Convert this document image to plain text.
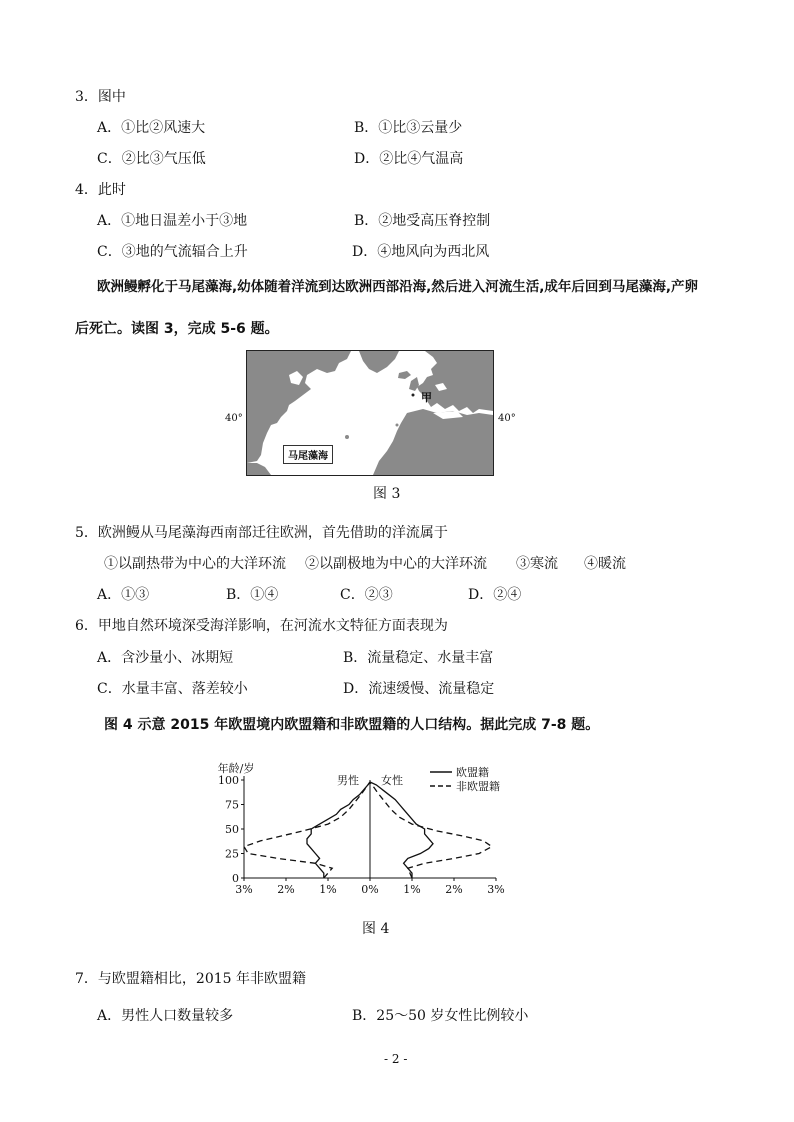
3．图中
A．①比②风速大	B．①比③云量少
C．②比③气压低	D．②比④气温高
4．此时
A．①地日温差小于③地	B．②地受高压脊控制
C．③地的气流辐合上升	D．④地风向为西北风
欧洲鳗孵化于马尾藻海,幼体随着洋流到达欧洲西部沿海,然后进入河流生活,成年后回到马尾藻海,产卵
后死亡。读图 3，完成 5-6 题。
40°	40°
甲
马尾藻海
图 3
5．欧洲鳗从马尾藻海西南部迁往欧洲，首先借助的洋流属于
①以副热带为中心的大洋环流 ②以副极地为中心的大洋环流 ③寒流 ④暖流
A．①③	B．①④	C．②③	D．②④
6．甲地自然环境深受海洋影响，在河流水文特征方面表现为
A．含沙量小、冰期短	B．流量稳定、水量丰富
C．水量丰富、落差较小	D．流速缓慢、流量稳定
图 4 示意 2015 年欧盟境内欧盟籍和非欧盟籍的人口结构。据此完成 7-8 题。
100
75
50
25
0
3% 2% 1% 0% 1% 2% 3%
年龄/岁
男性 女性
欧盟籍
非欧盟籍
图 4
7．与欧盟籍相比，2015 年非欧盟籍
A．男性人口数量较多	B．25～50 岁女性比例较小
- 2 -
